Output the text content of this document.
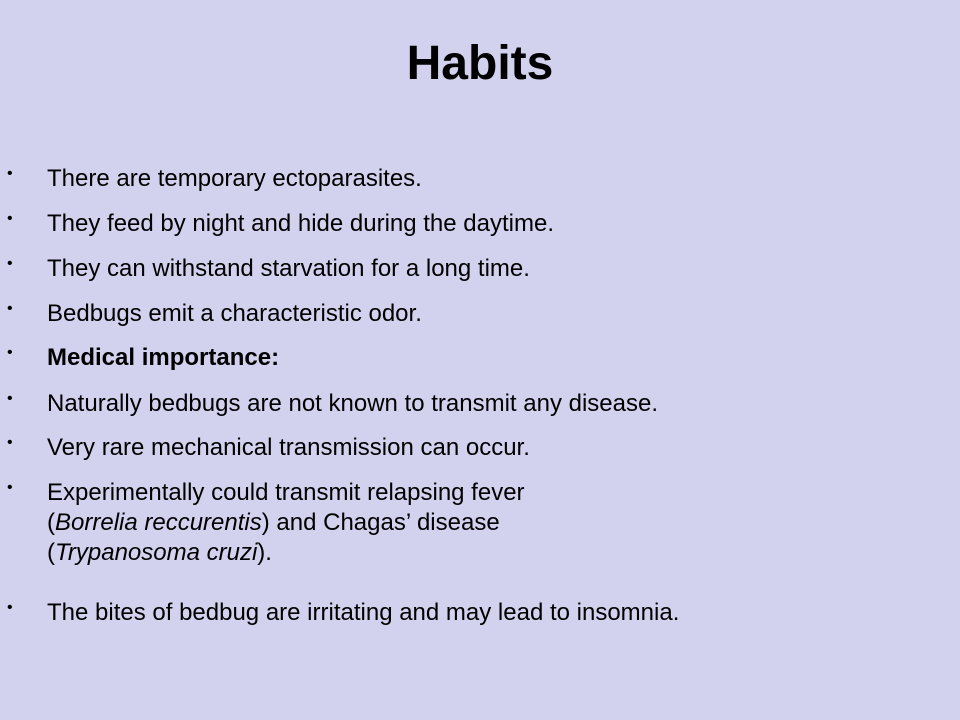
Habits
• There are temporary ectoparasites.
• They feed by night and hide during the daytime.
• They can withstand starvation for a long time.
• Bedbugs emit a characteristic odor.
• Medical importance:
• Naturally bedbugs are not known to transmit any disease.
• Very rare mechanical transmission can occur.
• Experimentally could transmit relapsing fever
(Borrelia reccurentis) and Chagas’ disease
(Trypanosoma cruzi).
• The bites of bedbug are irritating and may lead to insomnia.
